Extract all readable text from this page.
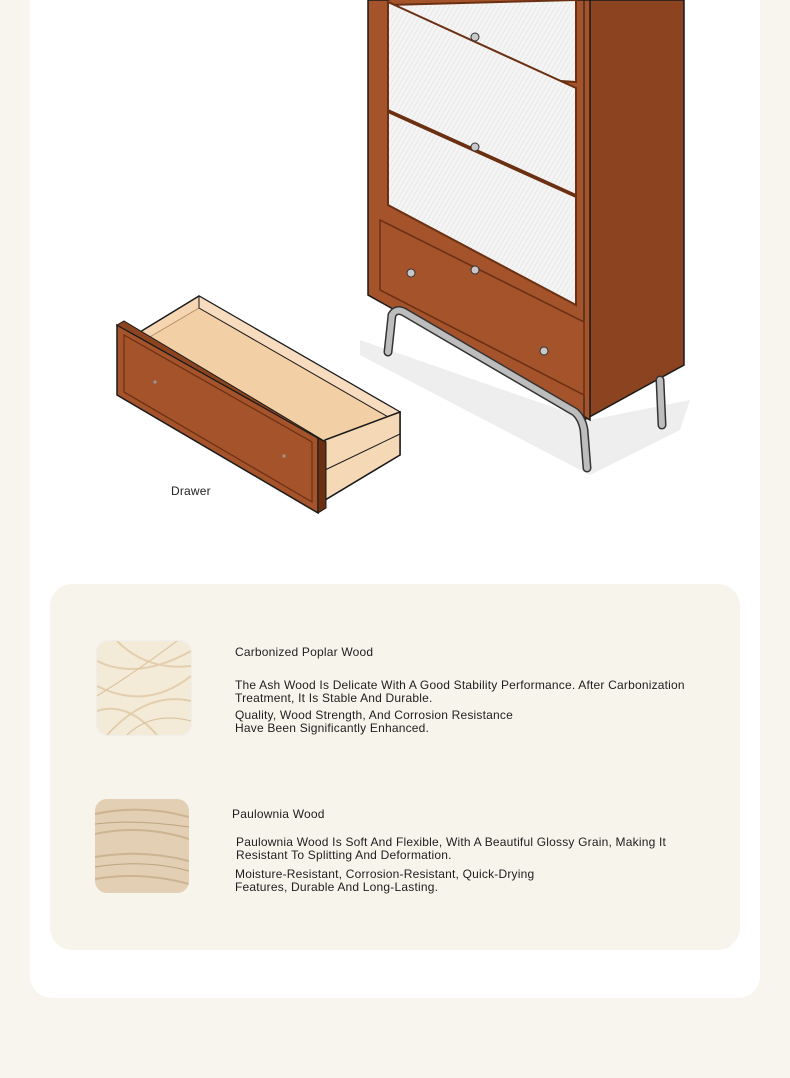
Drawer
Carbonized Poplar Wood
The Ash Wood Is Delicate With A Good Stability Performance. After Carbonization Treatment, It Is Stable And Durable.
Quality, Wood Strength, And Corrosion Resistance Have Been Significantly Enhanced.
Paulownia Wood
Paulownia Wood Is Soft And Flexible, With A Beautiful Glossy Grain, Making It Resistant To Splitting And Deformation.
Moisture-Resistant, Corrosion-Resistant, Quick-Drying Features, Durable And Long-Lasting.
